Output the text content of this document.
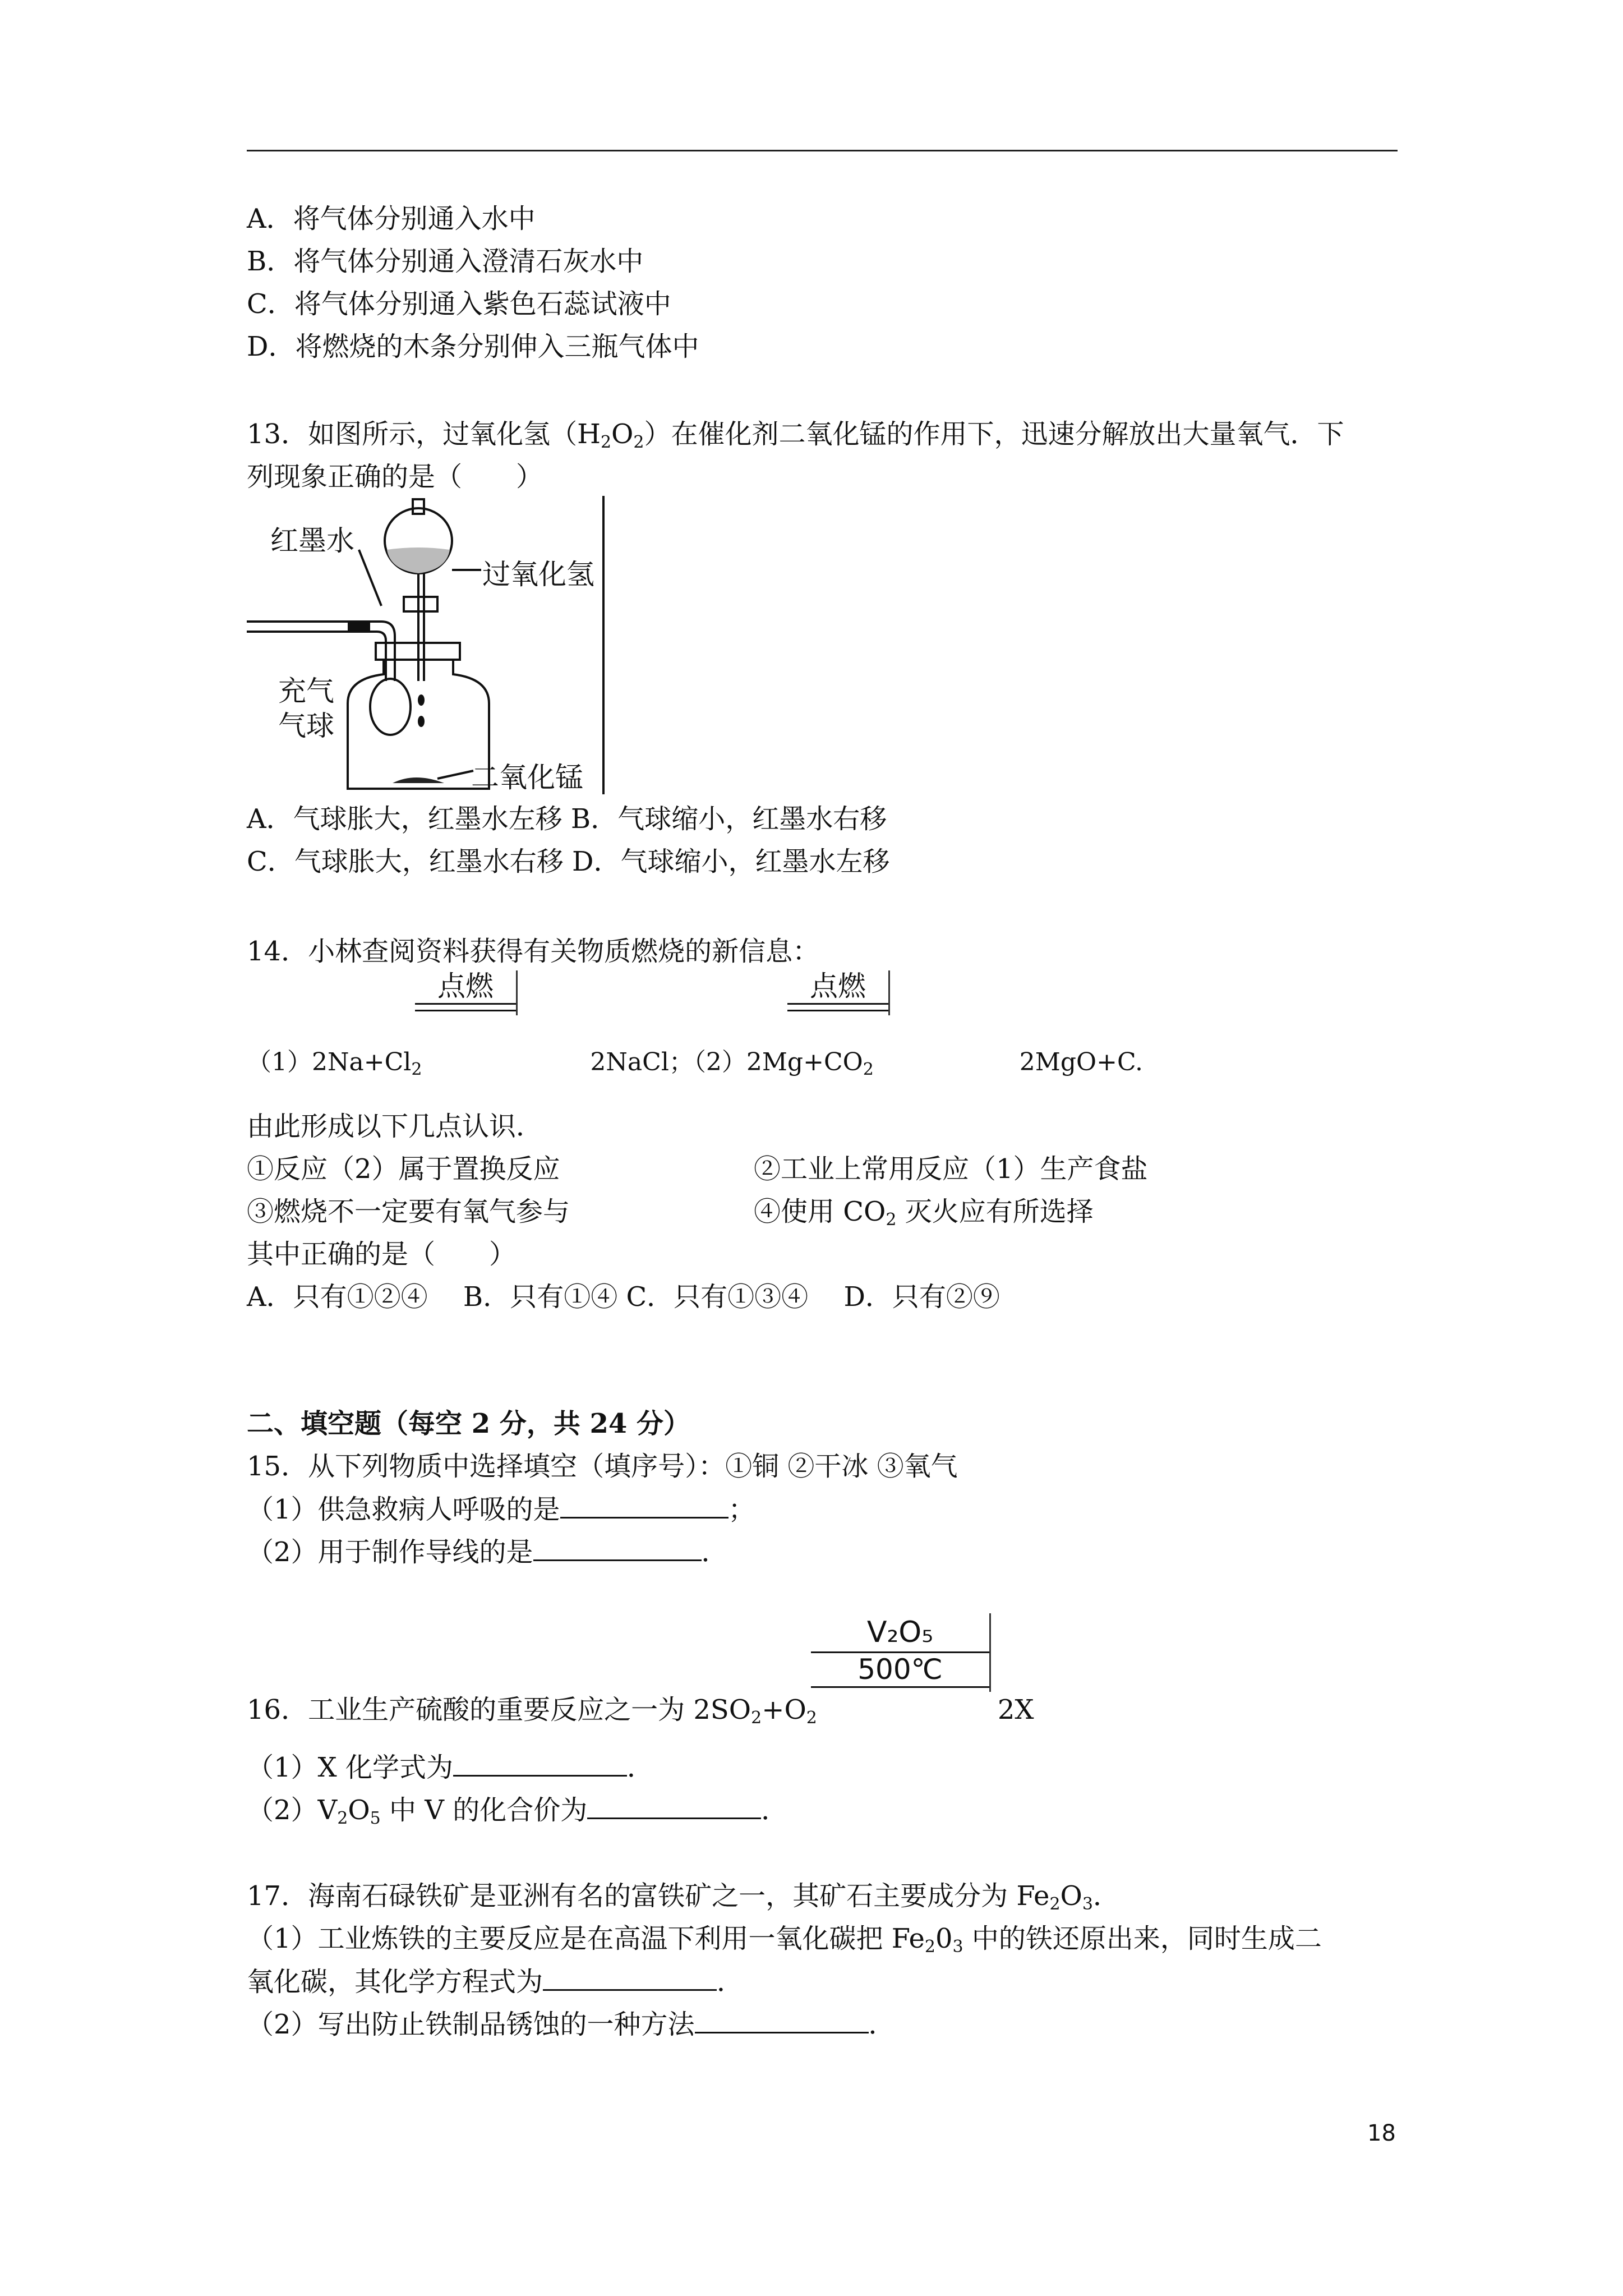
A．将气体分别通入水中
B．将气体分别通入澄清石灰水中
C．将气体分别通入紫色石蕊试液中
D．将燃烧的木条分别伸入三瓶气体中
13．如图所示，过氧化氢$(H_2O_2)$在催化剂二氧化锰的作用下，迅速分解放出大量氧气．下
列现象正确的是（　　）
红墨水
过氧化氢
充气
气球
二氧化锰
A．气球胀大，红墨水左移 B．气球缩小，红墨水右移
C．气球胀大，红墨水右移 D．气球缩小，红墨水左移
14．小林查阅资料获得有关物质燃烧的新信息：
点燃	点燃
$(1)2Na+Cl_2$	2NaCl；$(2)2Mg+CO_2$	2MgO+C.
由此形成以下几点认识．
①反应（2）属于置换反应	②工业上常用反应（1）生产食盐
③燃烧不一定要有氧气参与	④使用 $CO_2$ 灭火应有所选择
其中正确的是（　　）
A．只有①②④　 B．只有①④ C．只有①③④　 D．只有②⑨
二、填空题（每空 2 分，共 24 分）
15．从下列物质中选择填空（填序号）：①铜 ②干冰 ③氧气
（1）供急救病人呼吸的是	；
（2）用于制作导线的是	．
V₂O₅
500℃
16．工业生产硫酸的重要反应之一为 $2SO_2+O_2$	2X
（1）X 化学式为	．
$(2)V_2O_5$ 中 V 的化合价为	．
17．海南石碌铁矿是亚洲有名的富铁矿之一，其矿石主要成分为 $Fe_2O_3$．
（1）工业炼铁的主要反应是在高温下利用一氧化碳把 $Fe_20_3$ 中的铁还原出来，同时生成二
氧化碳，其化学方程式为	．
（2）写出防止铁制品锈蚀的一种方法	．
18
